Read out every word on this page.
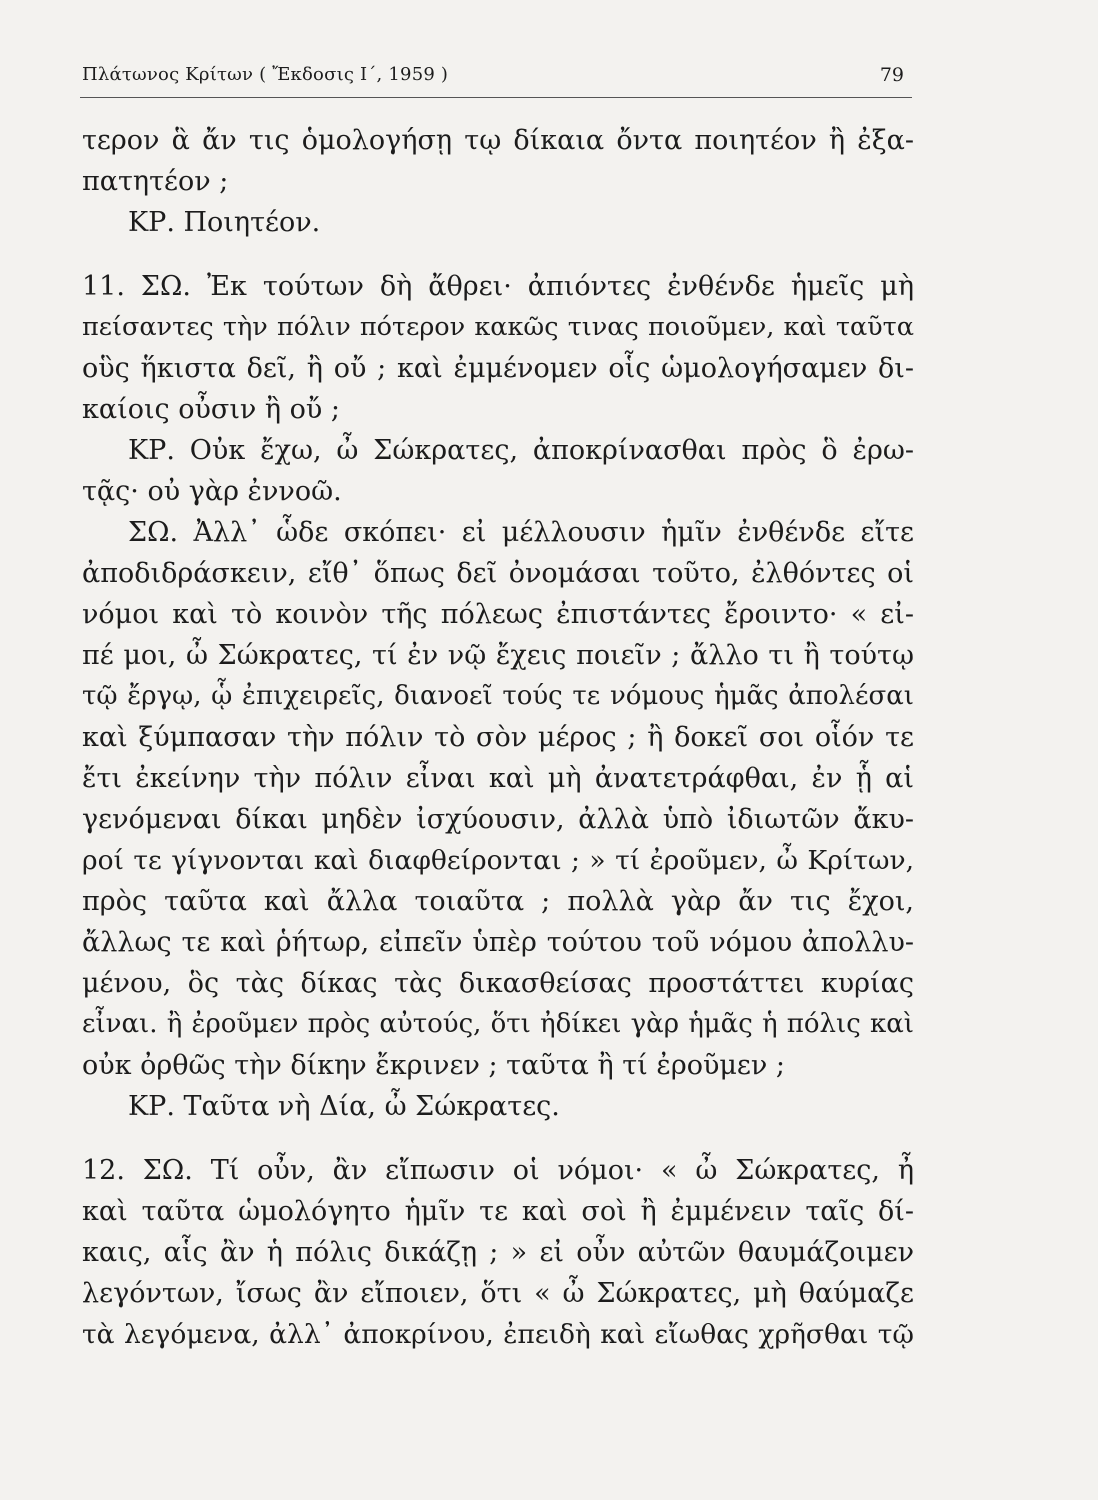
Πλάτωνος Κρίτων ( Ἔκδοσις Ι΄, 1959 )	79
τερον ἃ ἄν τις ὁμολογήσῃ τῳ δίκαια ὄντα ποιητέον ἢ ἐξα-
πατητέον ;
ΚΡ. Ποιητέον.
11. ΣΩ. Ἐκ τούτων δὴ ἄθρει· ἀπιόντες ἐνθένδε ἡμεῖς μὴ
πείσαντες τὴν πόλιν πότερον κακῶς τινας ποιοῦμεν, καὶ ταῦτα
οὓς ἥκιστα δεῖ, ἢ οὔ ; καὶ ἐμμένομεν οἷς ὡμολογήσαμεν δι-
καίοις οὖσιν ἢ οὔ ;
ΚΡ. Οὐκ ἔχω, ὦ Σώκρατες, ἀποκρίνασθαι πρὸς ὃ ἐρω-
τᾷς· οὐ γὰρ ἐννοῶ.
ΣΩ. Ἀλλ᾽ ὧδε σκόπει· εἰ μέλλουσιν ἡμῖν ἐνθένδε εἴτε
ἀποδιδράσκειν, εἴθ᾽ ὅπως δεῖ ὀνομάσαι τοῦτο, ἐλθόντες οἱ
νόμοι καὶ τὸ κοινὸν τῆς πόλεως ἐπιστάντες ἔροιντο· « εἰ-
πέ μοι, ὦ Σώκρατες, τί ἐν νῷ ἔχεις ποιεῖν ; ἄλλο τι ἢ τούτῳ
τῷ ἔργῳ, ᾧ ἐπιχειρεῖς, διανοεῖ τούς τε νόμους ἡμᾶς ἀπολέσαι
καὶ ξύμπασαν τὴν πόλιν τὸ σὸν μέρος ; ἢ δοκεῖ σοι οἷόν τε
ἔτι ἐκείνην τὴν πόλιν εἶναι καὶ μὴ ἀνατετράφθαι, ἐν ᾗ αἱ
γενόμεναι δίκαι μηδὲν ἰσχύουσιν, ἀλλὰ ὑπὸ ἰδιωτῶν ἄκυ-
ροί τε γίγνονται καὶ διαφθείρονται ; » τί ἐροῦμεν, ὦ Κρίτων,
πρὸς ταῦτα καὶ ἄλλα τοιαῦτα ; πολλὰ γὰρ ἄν τις ἔχοι,
ἄλλως τε καὶ ῥήτωρ, εἰπεῖν ὑπὲρ τούτου τοῦ νόμου ἀπολλυ-
μένου, ὃς τὰς δίκας τὰς δικασθείσας προστάττει κυρίας
εἶναι. ἢ ἐροῦμεν πρὸς αὐτούς, ὅτι ἠδίκει γὰρ ἡμᾶς ἡ πόλις καὶ
οὐκ ὀρθῶς τὴν δίκην ἔκρινεν ; ταῦτα ἢ τί ἐροῦμεν ;
ΚΡ. Ταῦτα νὴ Δία, ὦ Σώκρατες.
12. ΣΩ. Τί οὖν, ἂν εἴπωσιν οἱ νόμοι· « ὦ Σώκρατες, ἦ
καὶ ταῦτα ὡμολόγητο ἡμῖν τε καὶ σοὶ ἢ ἐμμένειν ταῖς δί-
καις, αἷς ἂν ἡ πόλις δικάζῃ ; » εἰ οὖν αὐτῶν θαυμάζοιμεν
λεγόντων, ἴσως ἂν εἴποιεν, ὅτι « ὦ Σώκρατες, μὴ θαύμαζε
τὰ λεγόμενα, ἀλλ᾽ ἀποκρίνου, ἐπειδὴ καὶ εἴωθας χρῆσθαι τῷ
